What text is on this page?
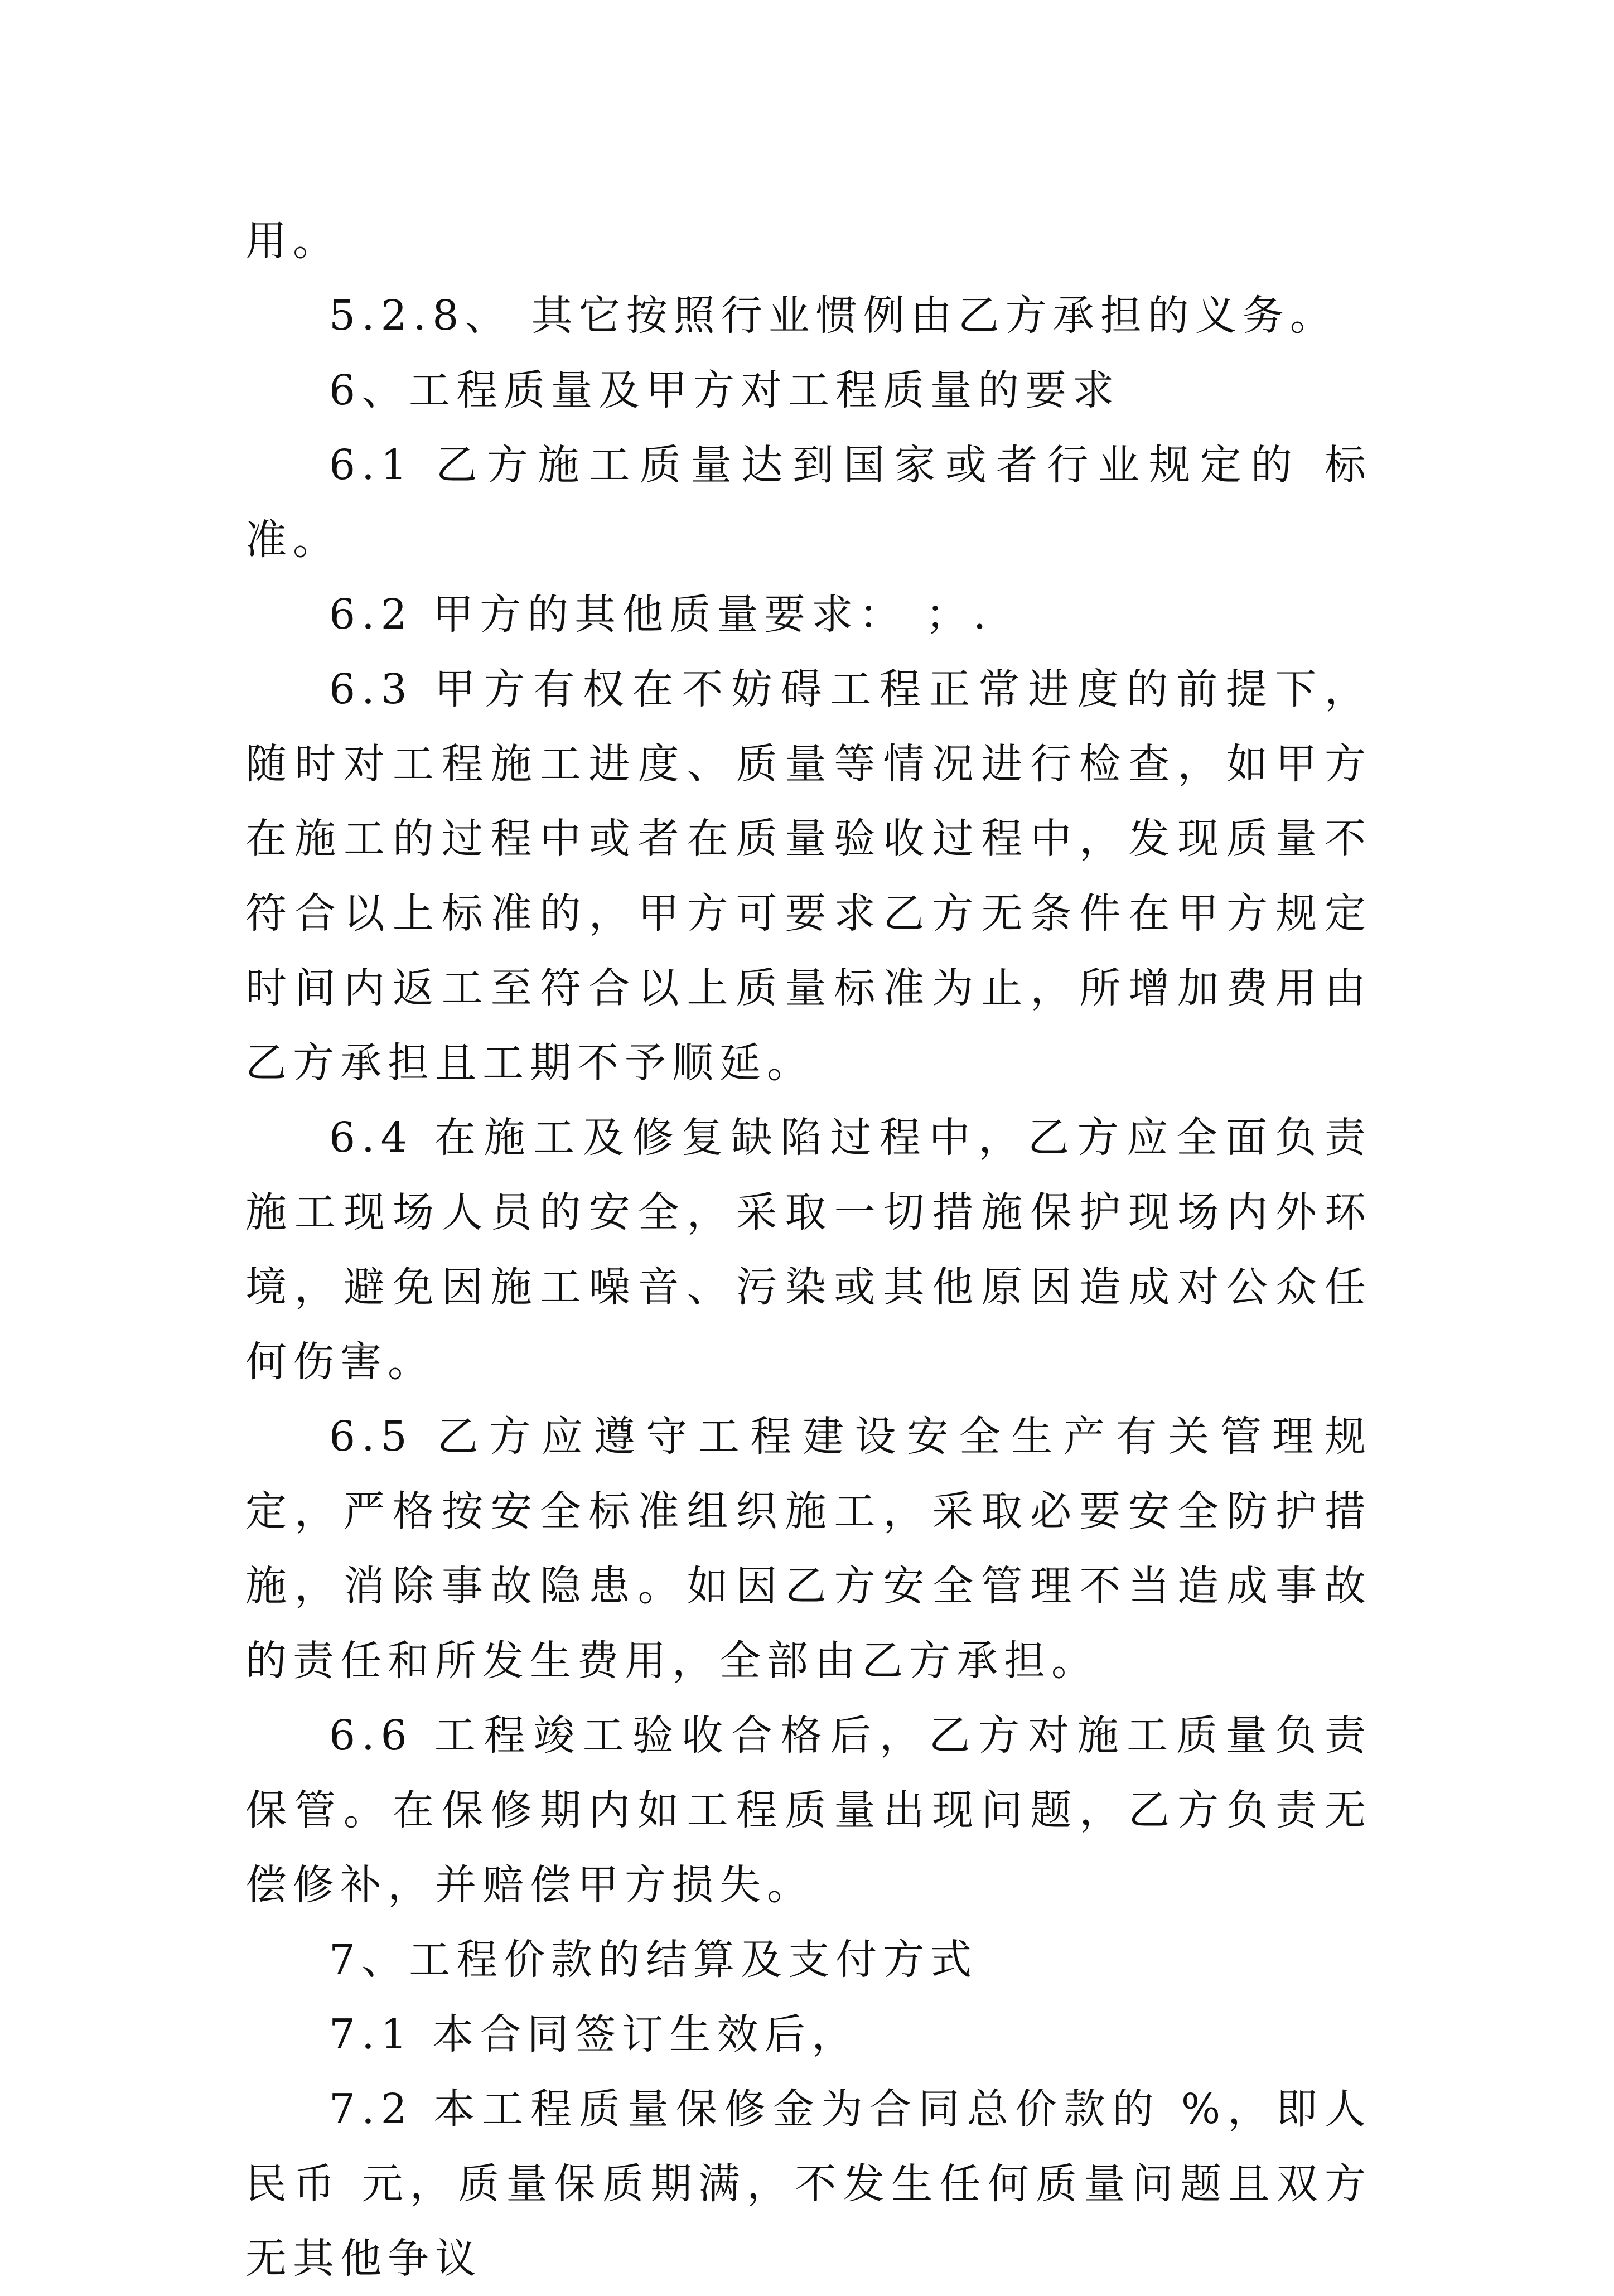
用。

5.2.8、 其它按照行业惯例由乙方承担的义务。

6、工程质量及甲方对工程质量的要求

6.1 乙方施工质量达到国家或者行业规定的 标准。

6.2 甲方的其他质量要求： ；.

6.3 甲方有权在不妨碍工程正常进度的前提下，随时对工程施工进度、质量等情况进行检查，如甲方在施工的过程中或者在质量验收过程中，发现质量不符合以上标准的，甲方可要求乙方无条件在甲方规定时间内返工至符合以上质量标准为止，所增加费用由乙方承担且工期不予顺延。

6.4 在施工及修复缺陷过程中，乙方应全面负责施工现场人员的安全，采取一切措施保护现场内外环境，避免因施工噪音、污染或其他原因造成对公众任何伤害。

6.5 乙方应遵守工程建设安全生产有关管理规定，严格按安全标准组织施工，采取必要安全防护措施，消除事故隐患。如因乙方安全管理不当造成事故的责任和所发生费用，全部由乙方承担。

6.6 工程竣工验收合格后，乙方对施工质量负责保管。在保修期内如工程质量出现问题，乙方负责无偿修补，并赔偿甲方损失。

7、工程价款的结算及支付方式

7.1 本合同签订生效后，

7.2 本工程质量保修金为合同总价款的 %，即人民币 元，质量保质期满，不发生任何质量问题且双方无其他争议
